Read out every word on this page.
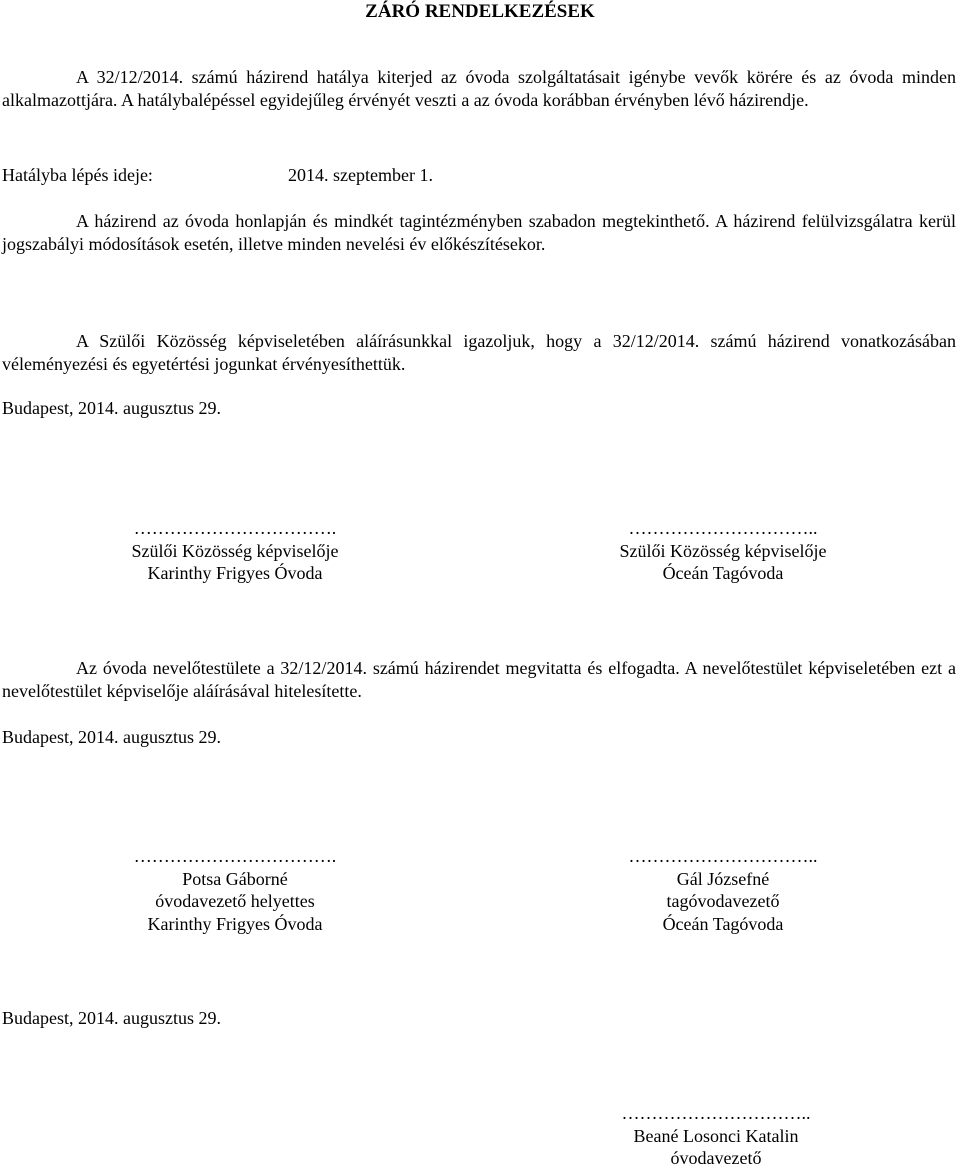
ZÁRÓ RENDELKEZÉSEK
A 32/12/2014. számú házirend hatálya kiterjed az óvoda szolgáltatásait igénybe vevők körére és az óvoda minden alkalmazottjára. A hatálybalépéssel egyidejűleg érvényét veszti a az óvoda korábban érvényben lévő házirendje.
Hatályba lépés ideje:	2014. szeptember 1.
A házirend az óvoda honlapján és mindkét tagintézményben szabadon megtekinthető. A házirend felülvizsgálatra kerül jogszabályi módosítások esetén, illetve minden nevelési év előkészítésekor.
A Szülői Közösség képviseletében aláírásunkkal igazoljuk, hogy a 32/12/2014. számú házirend vonatkozásában véleményezési és egyetértési jogunkat érvényesíthettük.
Budapest, 2014. augusztus 29.
…………………………….
Szülői Közösség képviselője
Karinthy Frigyes Óvoda
…………………………..
Szülői Közösség képviselője
Óceán Tagóvoda
Az óvoda nevelőtestülete a 32/12/2014. számú házirendet megvitatta és elfogadta. A nevelőtestület képviseletében ezt a nevelőtestület képviselője aláírásával hitelesítette.
Budapest, 2014. augusztus 29.
…………………………….
Potsa Gáborné
óvodavezető helyettes
Karinthy Frigyes Óvoda
…………………………..
Gál Józsefné
tagóvodavezető
Óceán Tagóvoda
Budapest, 2014. augusztus 29.
…………………………..
Beané Losonci Katalin
óvodavezető
